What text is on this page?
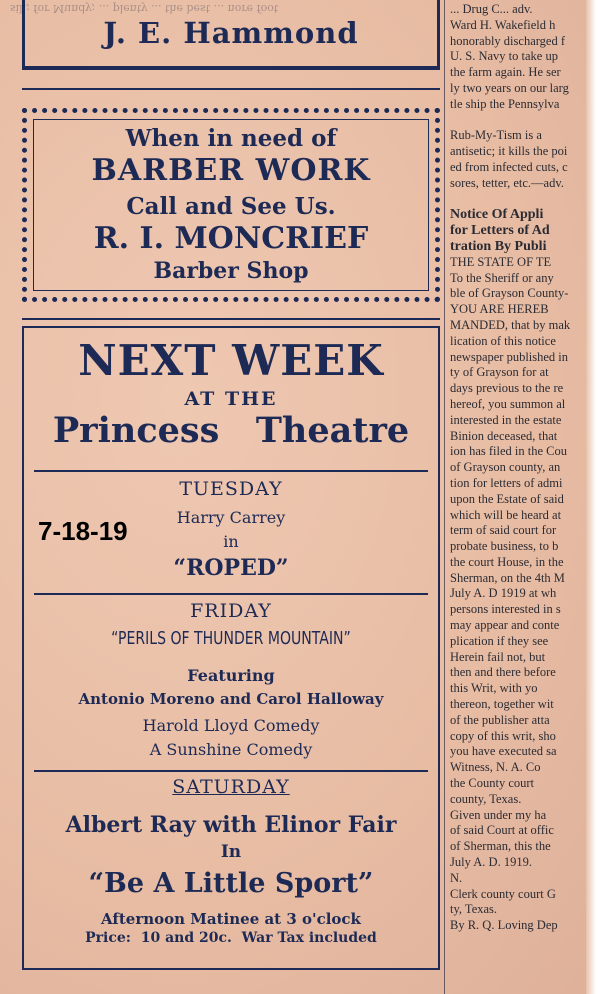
sill; for Mundy; ... plenty ... the best ... nore foot
J. E. Hammond
When in need of
BARBER WORK
Call and See Us.
R. I. MONCRIEF
Barber Shop
NEXT WEEK
AT THE
Princess   Theatre
TUESDAY
Harry Carrey
in
“ROPED”
FRIDAY
“PERILS OF THUNDER MOUNTAIN”
Featuring
Antonio Moreno and Carol Halloway
Harold Lloyd Comedy
A Sunshine Comedy
SATURDAY
Albert Ray with Elinor Fair
In
“Be A Little Sport”
Afternoon Matinee at 3 o'clock
Price:  10 and 20c.  War Tax included
7-18-19

... Drug C... adv.

Ward H. Wakefield h

honorably discharged f

U. S. Navy to take up

the farm again. He ser

ly two years on our larg

tle ship the Pennsylva

Rub-My-Tism is a

antisetic; it kills the poi

ed from infected cuts, c

sores, tetter, etc.—adv.

Notice Of Appli

for Letters of Ad

tration By Publi

THE STATE OF TE

To the Sheriff or any

ble of Grayson County-

YOU ARE HEREB

MANDED, that by mak

lication of this notice

newspaper published in

ty of Grayson for at

days previous to the re

hereof, you summon al

interested in the estate

Binion deceased, that

ion has filed in the Cou

of Grayson county, an

tion for letters of admi

upon the Estate of said

which will be heard at

term of said court for

probate business, to b

the court House, in the

Sherman, on the 4th M

July A. D 1919 at wh

persons interested in s

may appear and conte

plication if they see

Herein fail not, but

then and there before

this Writ, with yo

thereon, together wit

of the publisher atta

copy of this writ, sho

you have executed sa

Witness, N. A. Co

the County court

county, Texas.

Given under my ha

of said Court at offic

of Sherman, this the

July A. D. 1919.

N.

Clerk county court G

ty, Texas.

By R. Q. Loving Dep
